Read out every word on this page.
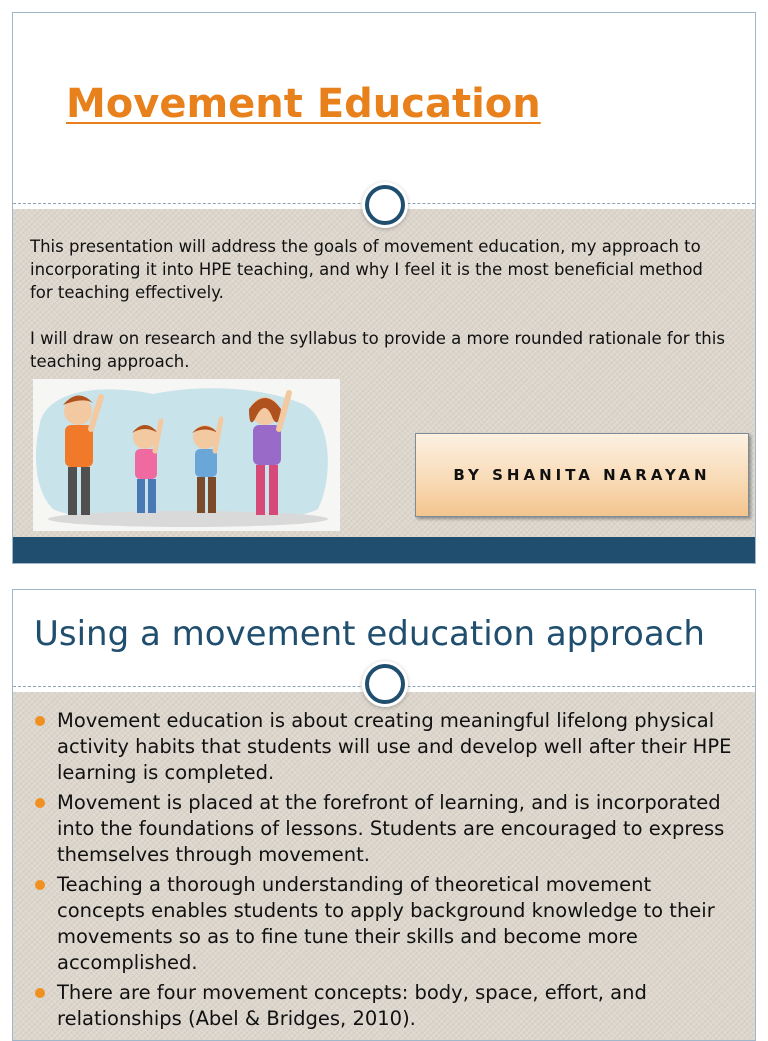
Movement Education

This presentation will address the goals of movement education, my approach to incorporating it into HPE teaching, and why I feel it is the most beneficial method for teaching effectively.

I will draw on research and the syllabus to provide a more rounded rationale for this teaching approach.

BY SHANITA NARAYAN
Using a movement education approach
Movement education is about creating meaningful lifelong physical activity habits that students will use and develop well after their HPE learning is completed.
Movement is placed at the forefront of learning, and is incorporated into the foundations of lessons. Students are encouraged to express themselves through movement.
Teaching a thorough understanding of theoretical movement concepts enables students to apply background knowledge to their movements so as to fine tune their skills and become more accomplished.
There are four movement concepts: body, space, effort, and relationships (Abel & Bridges, 2010).
